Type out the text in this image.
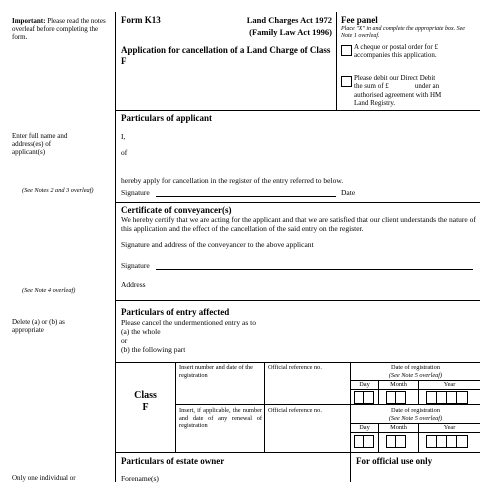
Important: Please read the notes overleaf before completing the form.
Enter full name and address(es) of applicant(s)
(See Notes 2 and 3 overleaf)
(See Note 4 overleaf)
Delete (a) or (b) as appropriate
Only one individual or
Form K13	Land Charges Act 1972
(Family Law Act 1996)
Application for cancellation of a Land Charge of Class F
Fee panel
Place "X" in and complete the appropriate box. See Note 1 overleaf.
A cheque or postal order for £
accompanies this application.
Please debit our Direct Debit
the sum of £	under an
authorised agreement with HM
Land Registry.
Particulars of applicant
I,
of
hereby apply for cancellation in the register of the entry referred to below.
Signature	Date
Certificate of conveyancer(s)
We hereby certify that we are acting for the applicant and that we are satisfied that our client understands the nature of this application and the effect of the cancellation of the said entry on the register.
Signature and address of the conveyancer to the above applicant
Signature
Address
Particulars of entry affected
Please cancel the undermentioned entry as to
(a) the whole
or
(b) the following part
Class
F
Insert number and date of the registration
Official reference no.	Date of registration
(See Note 5 overleaf)
Day	Month	Year
Insert, if applicable, the number and date of any renewal of registration
Official reference no.	Date of registration
(See Note 5 overleaf)
Day	Month	Year
Particulars of estate owner
Forename(s)
For official use only
